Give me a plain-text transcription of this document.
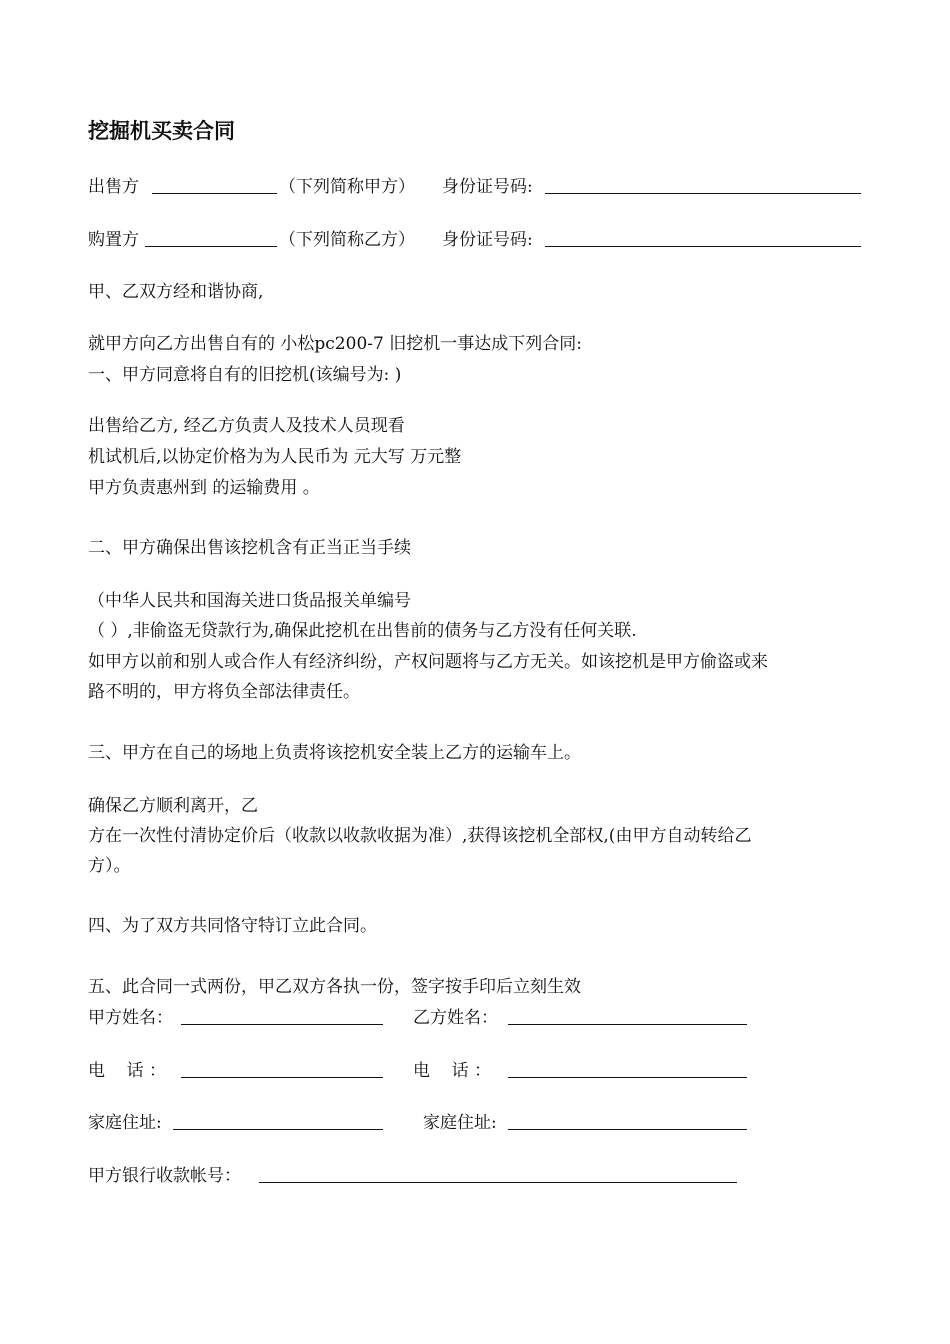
挖掘机买卖合同
出售方	（下列简称甲方） 身份证号码:
购置方	（下列简称乙方） 身份证号码:
甲、乙双方经和谐协商,
就甲方向乙方出售自有的 小松pc200-7 旧挖机一事达成下列合同:
一、甲方同意将自有的旧挖机(该编号为: )
出售给乙方, 经乙方负责人及技术人员现看
机试机后,以协定价格为为人民币为 元大写 万元整
甲方负责惠州到 的运输费用 。
二、甲方确保出售该挖机含有正当正当手续
（中华人民共和国海关进口货品报关单编号
（ ）,非偷盗无贷款行为,确保此挖机在出售前的债务与乙方没有任何关联.
如甲方以前和别人或合作人有经济纠纷，产权问题将与乙方无关。如该挖机是甲方偷盗或来
路不明的，甲方将负全部法律责任。
三、甲方在自己的场地上负责将该挖机安全装上乙方的运输车上。
确保乙方顺利离开，乙
方在一次性付清协定价后（收款以收款收据为准）,获得该挖机全部权,(由甲方自动转给乙
方）。
四、为了双方共同恪守特订立此合同。
五、此合同一式两份，甲乙双方各执一份，签字按手印后立刻生效
甲方姓名：	乙方姓名：
电    话 ：	电    话 ：
家庭住址:	家庭住址:
甲方银行收款帐号：
